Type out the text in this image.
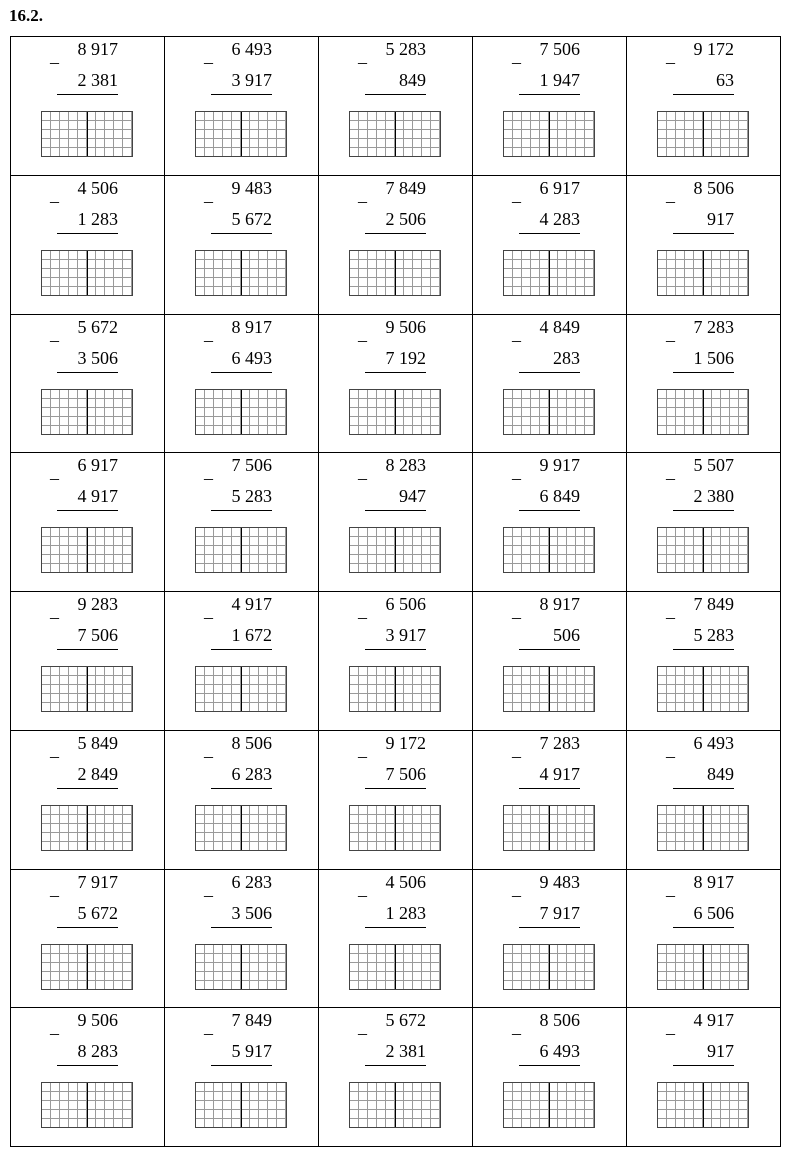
16.2.
8 917
–
2 381
6 493
–
3 917
5 283
–
849
7 506
–
1 947
9 172
–
63
4 506
–
1 283
9 483
–
5 672
7 849
–
2 506
6 917
–
4 283
8 506
–
917
5 672
–
3 506
8 917
–
6 493
9 506
–
7 192
4 849
–
283
7 283
–
1 506
6 917
–
4 917
7 506
–
5 283
8 283
–
947
9 917
–
6 849
5 507
–
2 380
9 283
–
7 506
4 917
–
1 672
6 506
–
3 917
8 917
–
506
7 849
–
5 283
5 849
–
2 849
8 506
–
6 283
9 172
–
7 506
7 283
–
4 917
6 493
–
849
7 917
–
5 672
6 283
–
3 506
4 506
–
1 283
9 483
–
7 917
8 917
–
6 506
9 506
–
8 283
7 849
–
5 917
5 672
–
2 381
8 506
–
6 493
4 917
–
917
